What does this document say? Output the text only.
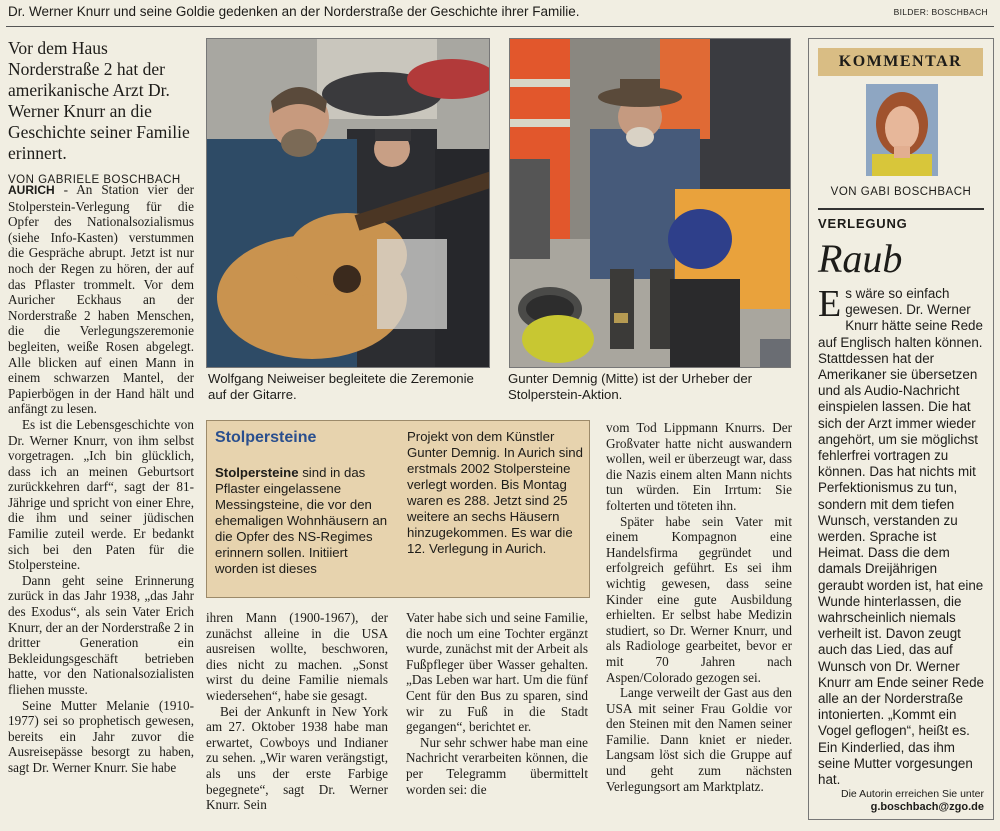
Dr. Werner Knurr und seine Goldie gedenken an der Norderstraße der Geschichte ihrer Familie.	BILDER: BOSCHBACH
Vor dem Haus Norderstraße 2 hat der amerikanische Arzt Dr. Werner Knurr an die Geschichte seiner Familie erinnert.
VON GABRIELE BOSCHBACH

AURICH - An Station vier der Stolperstein-Verlegung für die Opfer des Nationalsozialismus (siehe Info-Kasten) verstummen die Gespräche abrupt. Jetzt ist nur noch der Regen zu hören, der auf das Pflaster trommelt. Vor dem Auricher Eckhaus an der Norderstraße 2 haben Menschen, die die Verlegungszeremonie begleiten, weiße Rosen abgelegt. Alle blicken auf einen Mann in einem schwarzen Mantel, der Papierbögen in der Hand hält und anfängt zu lesen.

Es ist die Lebensgeschichte von Dr. Werner Knurr, von ihm selbst vorgetragen. „Ich bin glücklich, dass ich an meinen Geburtsort zurückkehren darf“, sagt der 81-Jährige und spricht von einer Ehre, die ihm und seiner jüdischen Familie zuteil werde. Er bedankt sich bei den Paten für die Stolpersteine.

Dann geht seine Erinnerung zurück in das Jahr 1938, „das Jahr des Exodus“, als sein Vater Erich Knurr, der an der Norderstraße 2 in dritter Generation ein Bekleidungsgeschäft betrieben hatte, vor den Nationalsozialisten fliehen musste.

Seine Mutter Melanie (1910-1977) sei so prophetisch gewesen, bereits ein Jahr zuvor die Ausreisepässe besorgt zu haben, sagt Dr. Werner Knurr. Sie habe

Wolfgang Neiweiser begleitete die Zeremonie auf der Gitarre.
Gunter Demnig (Mitte) ist der Urheber der Stolperstein-Aktion.
Stolpersteine
Stolpersteine sind in das Pflaster eingelassene Messingsteine, die vor den ehemaligen Wohnhäusern an die Opfer des NS-Regimes erinnern sollen. Initiiert worden ist dieses
Projekt von dem Künstler Gunter Demnig. In Aurich sind erstmals 2002 Stolpersteine verlegt worden. Bis Montag waren es 288. Jetzt sind 25 weitere an sechs Häusern hinzugekommen. Es war die 12. Verlegung in Aurich.

ihren Mann (1900-1967), der zunächst alleine in die USA ausreisen wollte, beschworen, dies nicht zu machen. „Sonst wirst du deine Familie niemals wiedersehen“, habe sie gesagt.

Bei der Ankunft in New York am 27. Oktober 1938 habe man erwartet, Cowboys und Indianer zu sehen. „Wir waren verängstigt, als uns der erste Farbige begegnete“, sagt Dr. Werner Knurr. Sein

Vater habe sich und seine Familie, die noch um eine Tochter ergänzt wurde, zunächst mit der Arbeit als Fußpfleger über Wasser gehalten. „Das Leben war hart. Um die fünf Cent für den Bus zu sparen, sind wir zu Fuß in die Stadt gegangen“, berichtet er.

Nur sehr schwer habe man eine Nachricht verarbeiten können, die per Telegramm übermittelt worden sei: die

vom Tod Lippmann Knurrs. Der Großvater hatte nicht auswandern wollen, weil er überzeugt war, dass die Nazis einem alten Mann nichts tun würden. Ein Irrtum: Sie folterten und töteten ihn.

Später habe sein Vater mit einem Kompagnon eine Handelsfirma gegründet und erfolgreich geführt. Es sei ihm wichtig gewesen, dass seine Kinder eine gute Ausbildung erhielten. Er selbst habe Medizin studiert, so Dr. Werner Knurr, und als Radiologe gearbeitet, bevor er mit 70 Jahren nach Aspen/Colorado gezogen sei.

Lange verweilt der Gast aus den USA mit seiner Frau Goldie vor den Steinen mit den Namen seiner Familie. Dann kniet er nieder. Langsam löst sich die Gruppe auf und geht zum nächsten Verlegungsort am Marktplatz.

KOMMENTAR
VON GABI BOSCHBACH
VERLEGUNG
Raub
Es wäre so einfach gewesen. Dr. Werner Knurr hätte seine Rede auf Englisch halten können. Stattdessen hat der Amerikaner sie übersetzen und als Audio-Nachricht einspielen lassen. Die hat sich der Arzt immer wieder angehört, um sie möglichst fehlerfrei vortragen zu können. Das hat nichts mit Perfektionismus zu tun, sondern mit dem tiefen Wunsch, verstanden zu werden. Sprache ist Heimat. Dass die dem damals Dreijährigen geraubt worden ist, hat eine Wunde hinterlassen, die wahrscheinlich niemals verheilt ist. Davon zeugt auch das Lied, das auf Wunsch von Dr. Werner Knurr am Ende seiner Rede alle an der Norderstraße intonierten. „Kommt ein Vogel geflogen“, heißt es. Ein Kinderlied, das ihm seine Mutter vorgesungen hat.
Die Autorin erreichen Sie unter
g.boschbach@zgo.de
